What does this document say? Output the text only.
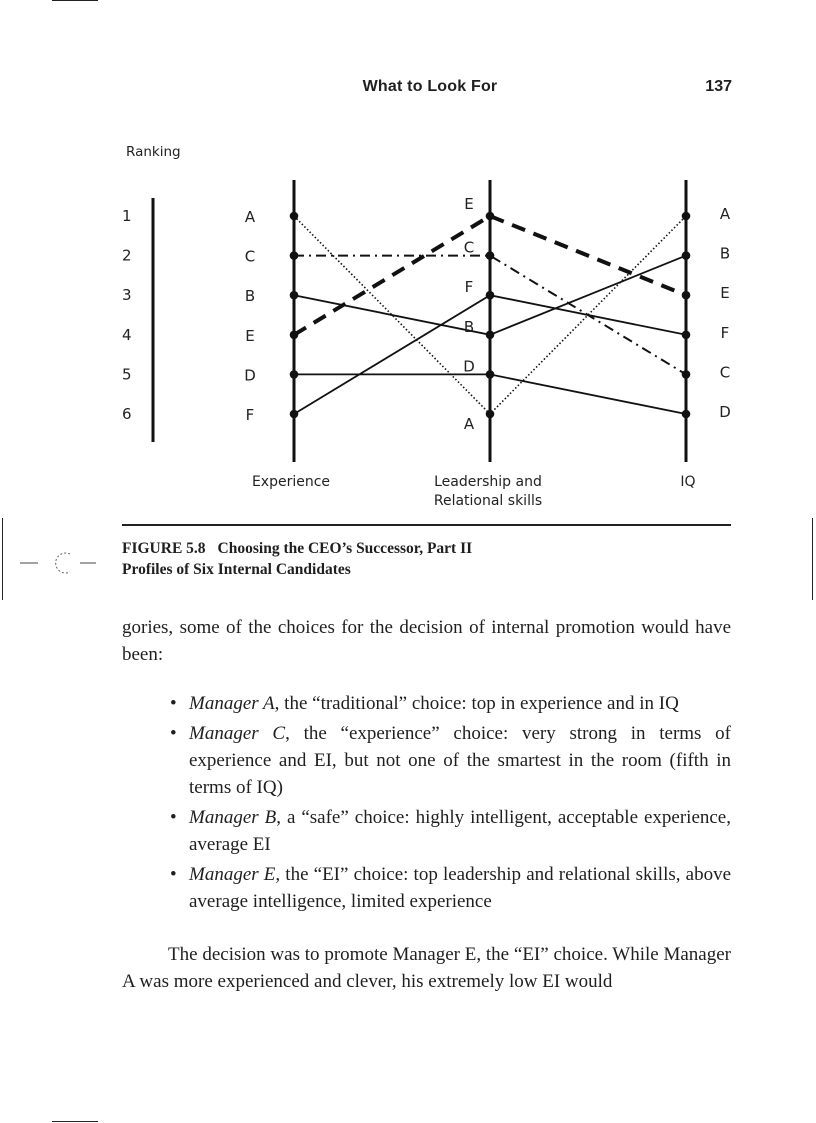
What to Look For	137
Ranking
1
2
3
4
5
6
A
A
A
B
B
B
C	C
C
D	D
D
E
E
E
F
F
F
Experience	Leadership and
Relational skills
IQ
FIGURE 5.8 Choosing the CEO’s Successor, Part II
Profiles of Six Internal Candidates

gories, some of the choices for the decision of internal promotion would have been:

• Manager A, the “traditional” choice: top in experience and in IQ
• Manager C, the “experience” choice: very strong in terms of experience and EI, but not one of the smartest in the room (fifth in terms of IQ)
• Manager B, a “safe” choice: highly intelligent, acceptable experience, average EI
• Manager E, the “EI” choice: top leadership and relational skills, above average intelligence, limited experience

The decision was to promote Manager E, the “EI” choice. While Manager A was more experienced and clever, his extremely low EI would
